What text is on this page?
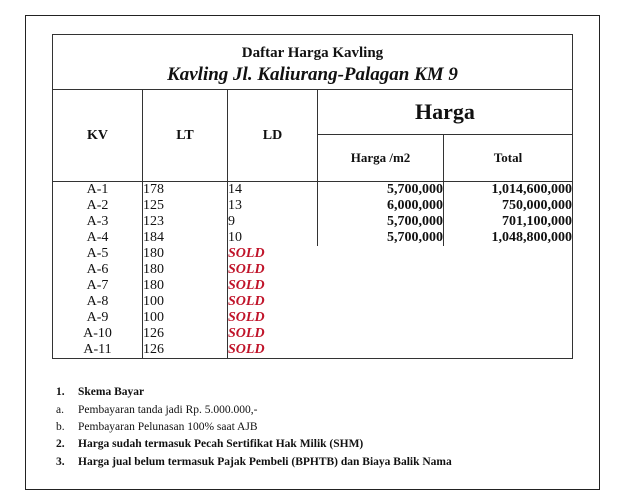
Daftar Harga Kavling
Kavling Jl. Kaliurang-Palagan KM 9				

KV	LT	LD	Harga	
			Harga /m2	Total
A-1	178	14	5,700,000	1,014,600,000
A-2	125	13	6,000,000	750,000,000
A-3	123	9	5,700,000	701,100,000
A-4	184	10	5,700,000	1,048,800,000
A-5	180	SOLD		
A-6	180	SOLD		
A-7	180	SOLD		
A-8	100	SOLD		
A-9	100	SOLD		
A-10	126	SOLD		
A-11	126	SOLD		
1. Skema Bayar
a. Pembayaran tanda jadi Rp. 5.000.000,-
b. Pembayaran Pelunasan 100% saat AJB
2. Harga sudah termasuk Pecah Sertifikat Hak Milik (SHM)
3. Harga jual belum termasuk Pajak Pembeli (BPHTB) dan Biaya Balik Nama
